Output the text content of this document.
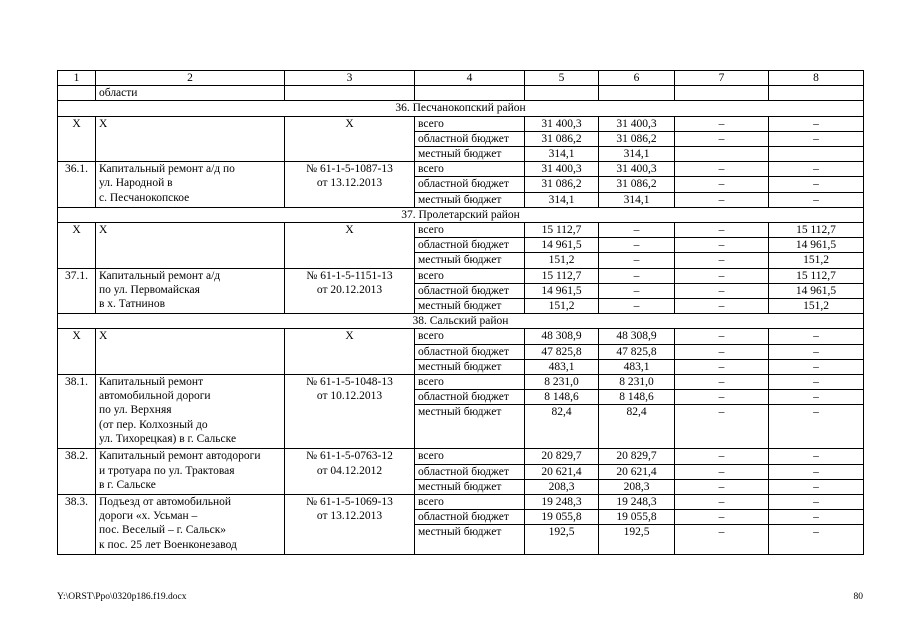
1	2	3	4	5	6	7	8
	области						
36. Песчанокопский район							
Х	Х	Х	всего	31 400,3	31 400,3	–	–
			областной бюджет	31 086,2	31 086,2	–	–
			местный бюджет	314,1	314,1		
36.1.	Капитальный ремонт а/д по
ул. Народной в
с. Песчанокопское	№ 61-1-5-1087-13
от 13.12.2013	всего	31 400,3	31 400,3	–	–
			областной бюджет	31 086,2	31 086,2	–	–
			местный бюджет	314,1	314,1	–	–
37. Пролетарский район							
Х	Х	Х	всего	15 112,7	–	–	15 112,7
			областной бюджет	14 961,5	–	–	14 961,5
			местный бюджет	151,2	–	–	151,2
37.1.	Капитальный ремонт а/д
по ул. Первомайская
в х. Татнинов	№ 61-1-5-1151-13
от 20.12.2013	всего	15 112,7	–	–	15 112,7
			областной бюджет	14 961,5	–	–	14 961,5
			местный бюджет	151,2	–	–	151,2
38. Сальский район							
Х	Х	Х	всего	48 308,9	48 308,9	–	–
			областной бюджет	47 825,8	47 825,8	–	–
			местный бюджет	483,1	483,1	–	–
38.1.	Капитальный ремонт
автомобильной дороги
по ул. Верхняя
(от пер. Колхозный до
ул. Тихорецкая) в г. Сальске	№ 61-1-5-1048-13
от 10.12.2013	всего	8 231,0	8 231,0	–	–
			областной бюджет	8 148,6	8 148,6	–	–
			местный бюджет	82,4	82,4	–	–
38.2.	Капитальный ремонт автодороги
и тротуара по ул. Трактовая
в г. Сальске	№ 61-1-5-0763-12
от 04.12.2012	всего	20 829,7	20 829,7	–	–
			областной бюджет	20 621,4	20 621,4	–	–
			местный бюджет	208,3	208,3	–	–
38.3.	Подъезд от автомобильной
дороги «х. Усьман –
пос. Веселый – г. Сальск»
к пос. 25 лет Военконезавод	№ 61-1-5-1069-13
от 13.12.2013	всего	19 248,3	19 248,3	–	–
			областной бюджет	19 055,8	19 055,8	–	–
			местный бюджет	192,5	192,5	–	–
Y:\ORST\Ppo\0320p186.f19.docx	80
